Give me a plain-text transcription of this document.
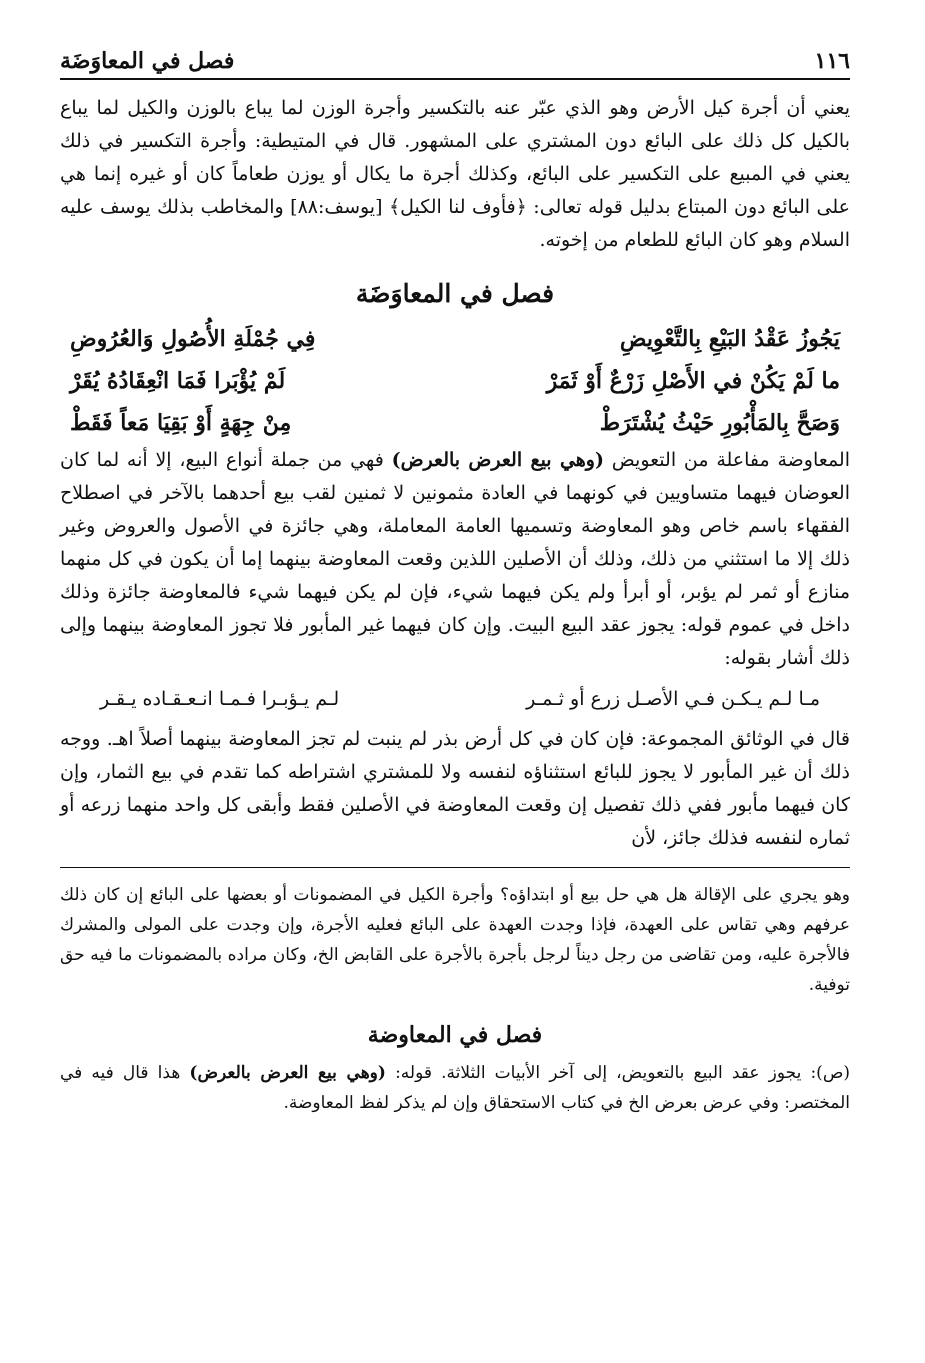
١١٦
فصل في المعاوَضَة

يعني أن أجرة كيل الأرض وهو الذي عبّر عنه بالتكسير وأجرة الوزن لما يباع بالوزن والكيل لما يباع بالكيل كل ذلك على البائع دون المشتري على المشهور. قال في المتيطية: وأجرة التكسير في ذلك يعني في المبيع على التكسير على البائع، وكذلك أجرة ما يكال أو يوزن طعاماً كان أو غيره إنما هي على البائع دون المبتاع بدليل قوله تعالى: ﴿فأوف لنا الكيل﴾ [يوسف:٨٨] والمخاطب بذلك يوسف عليه السلام وهو كان البائع للطعام من إخوته.

فصل في المعاوَضَة
يَجُوزُ عَقْدُ البَيْعِ بِالتَّعْوِيضِ
فِي جُمْلَةِ الأُصُولِ وَالعُرُوضِ
ما لَمْ يَكُنْ في الأَصْلِ زَرْعٌ أَوْ ثَمَرْ
لَمْ يُؤْبَرا فَمَا انْعِقَادُهُ يُقَرْ
وَصَحَّ بِالمَأْبُورِ حَيْثُ يُشْتَرَطْ
مِنْ جِهَةٍ أَوْ بَقِيَا مَعاً فَقَطْ

المعاوضة مفاعلة من التعويض (وهي بيع العرض بالعرض) فهي من جملة أنواع البيع، إلا أنه لما كان العوضان فيهما متساويين في كونهما في العادة مثمونين لا ثمنين لقب بيع أحدهما بالآخر في اصطلاح الفقهاء باسم خاص وهو المعاوضة وتسميها العامة المعاملة، وهي جائزة في الأصول والعروض وغير ذلك إلا ما استثني من ذلك، وذلك أن الأصلين اللذين وقعت المعاوضة بينهما إما أن يكون في كل منهما منازع أو ثمر لم يؤبر، أو أبرأ ولم يكن فيهما شيء، فإن لم يكن فيهما شيء فالمعاوضة جائزة وذلك داخل في عموم قوله: يجوز عقد البيع البيت. وإن كان فيهما غير المأبور فلا تجوز المعاوضة بينهما وإلى ذلك أشار بقوله:

مـا لـم يـكـن فـي الأصـل زرع أو ثـمـر
لـم يـؤبـرا فـمـا انـعـقـاده يـقـر

قال في الوثائق المجموعة: فإن كان في كل أرض بذر لم ينبت لم تجز المعاوضة بينهما أصلاً اهـ. ووجه ذلك أن غير المأبور لا يجوز للبائع استثناؤه لنفسه ولا للمشتري اشتراطه كما تقدم في بيع الثمار، وإن كان فيهما مأبور ففي ذلك تفصيل إن وقعت المعاوضة في الأصلين فقط وأبقى كل واحد منهما زرعه أو ثماره لنفسه فذلك جائز، لأن

وهو يجري على الإقالة هل هي حل بيع أو ابتداؤه؟ وأجرة الكيل في المضمونات أو بعضها على البائع إن كان ذلك عرفهم وهي تقاس على العهدة، فإذا وجدت العهدة على البائع فعليه الأجرة، وإن وجدت على المولى والمشرك فالأجرة عليه، ومن تقاضى من رجل ديناً لرجل بأجرة بالأجرة على القابض الخ، وكان مراده بالمضمونات ما فيه حق توفية.

فصل في المعاوضة

(ص): يجوز عقد البيع بالتعويض، إلى آخر الأبيات الثلاثة. قوله: (وهي بيع العرض بالعرض) هذا قال فيه في المختصر: وفي عرض بعرض الخ في كتاب الاستحقاق وإن لم يذكر لفظ المعاوضة.
